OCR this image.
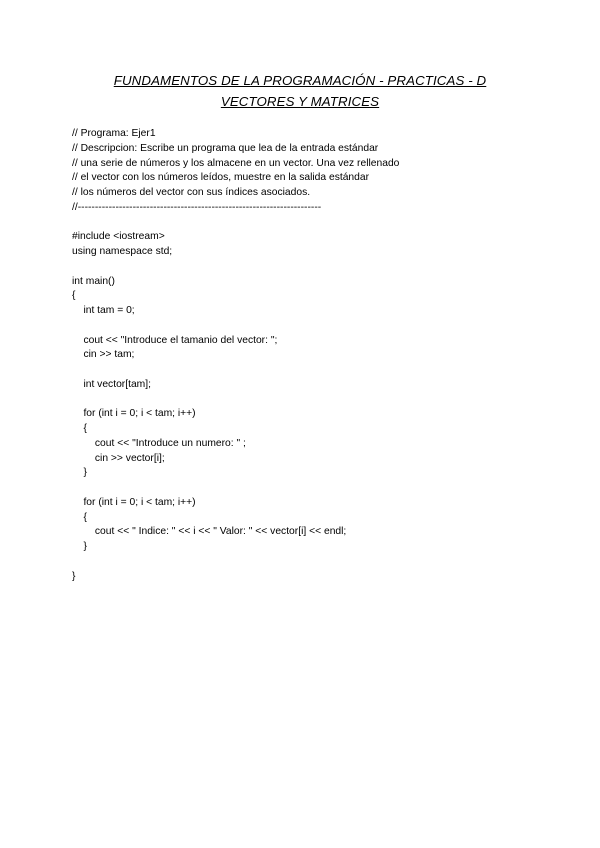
FUNDAMENTOS DE LA PROGRAMACIÓN - PRACTICAS - D
VECTORES Y MATRICES
// Programa: Ejer1
// Descripcion: Escribe un programa que lea de la entrada estándar
// una serie de números y los almacene en un vector. Una vez rellenado
// el vector con los números leídos, muestre en la salida estándar
// los números del vector con sus índices asociados.
//-----------------------------------------------------------------------
#include <iostream>
using namespace std;
int main()
{
int tam = 0;
cout << "Introduce el tamanio del vector: ";
cin >> tam;
int vector[tam];
for (int i = 0; i < tam; i++)
{
cout << "Introduce un numero: " ;
cin >> vector[i];
}
for (int i = 0; i < tam; i++)
{
cout << " Indice: " << i << " Valor: " << vector[i] << endl;
}
}
